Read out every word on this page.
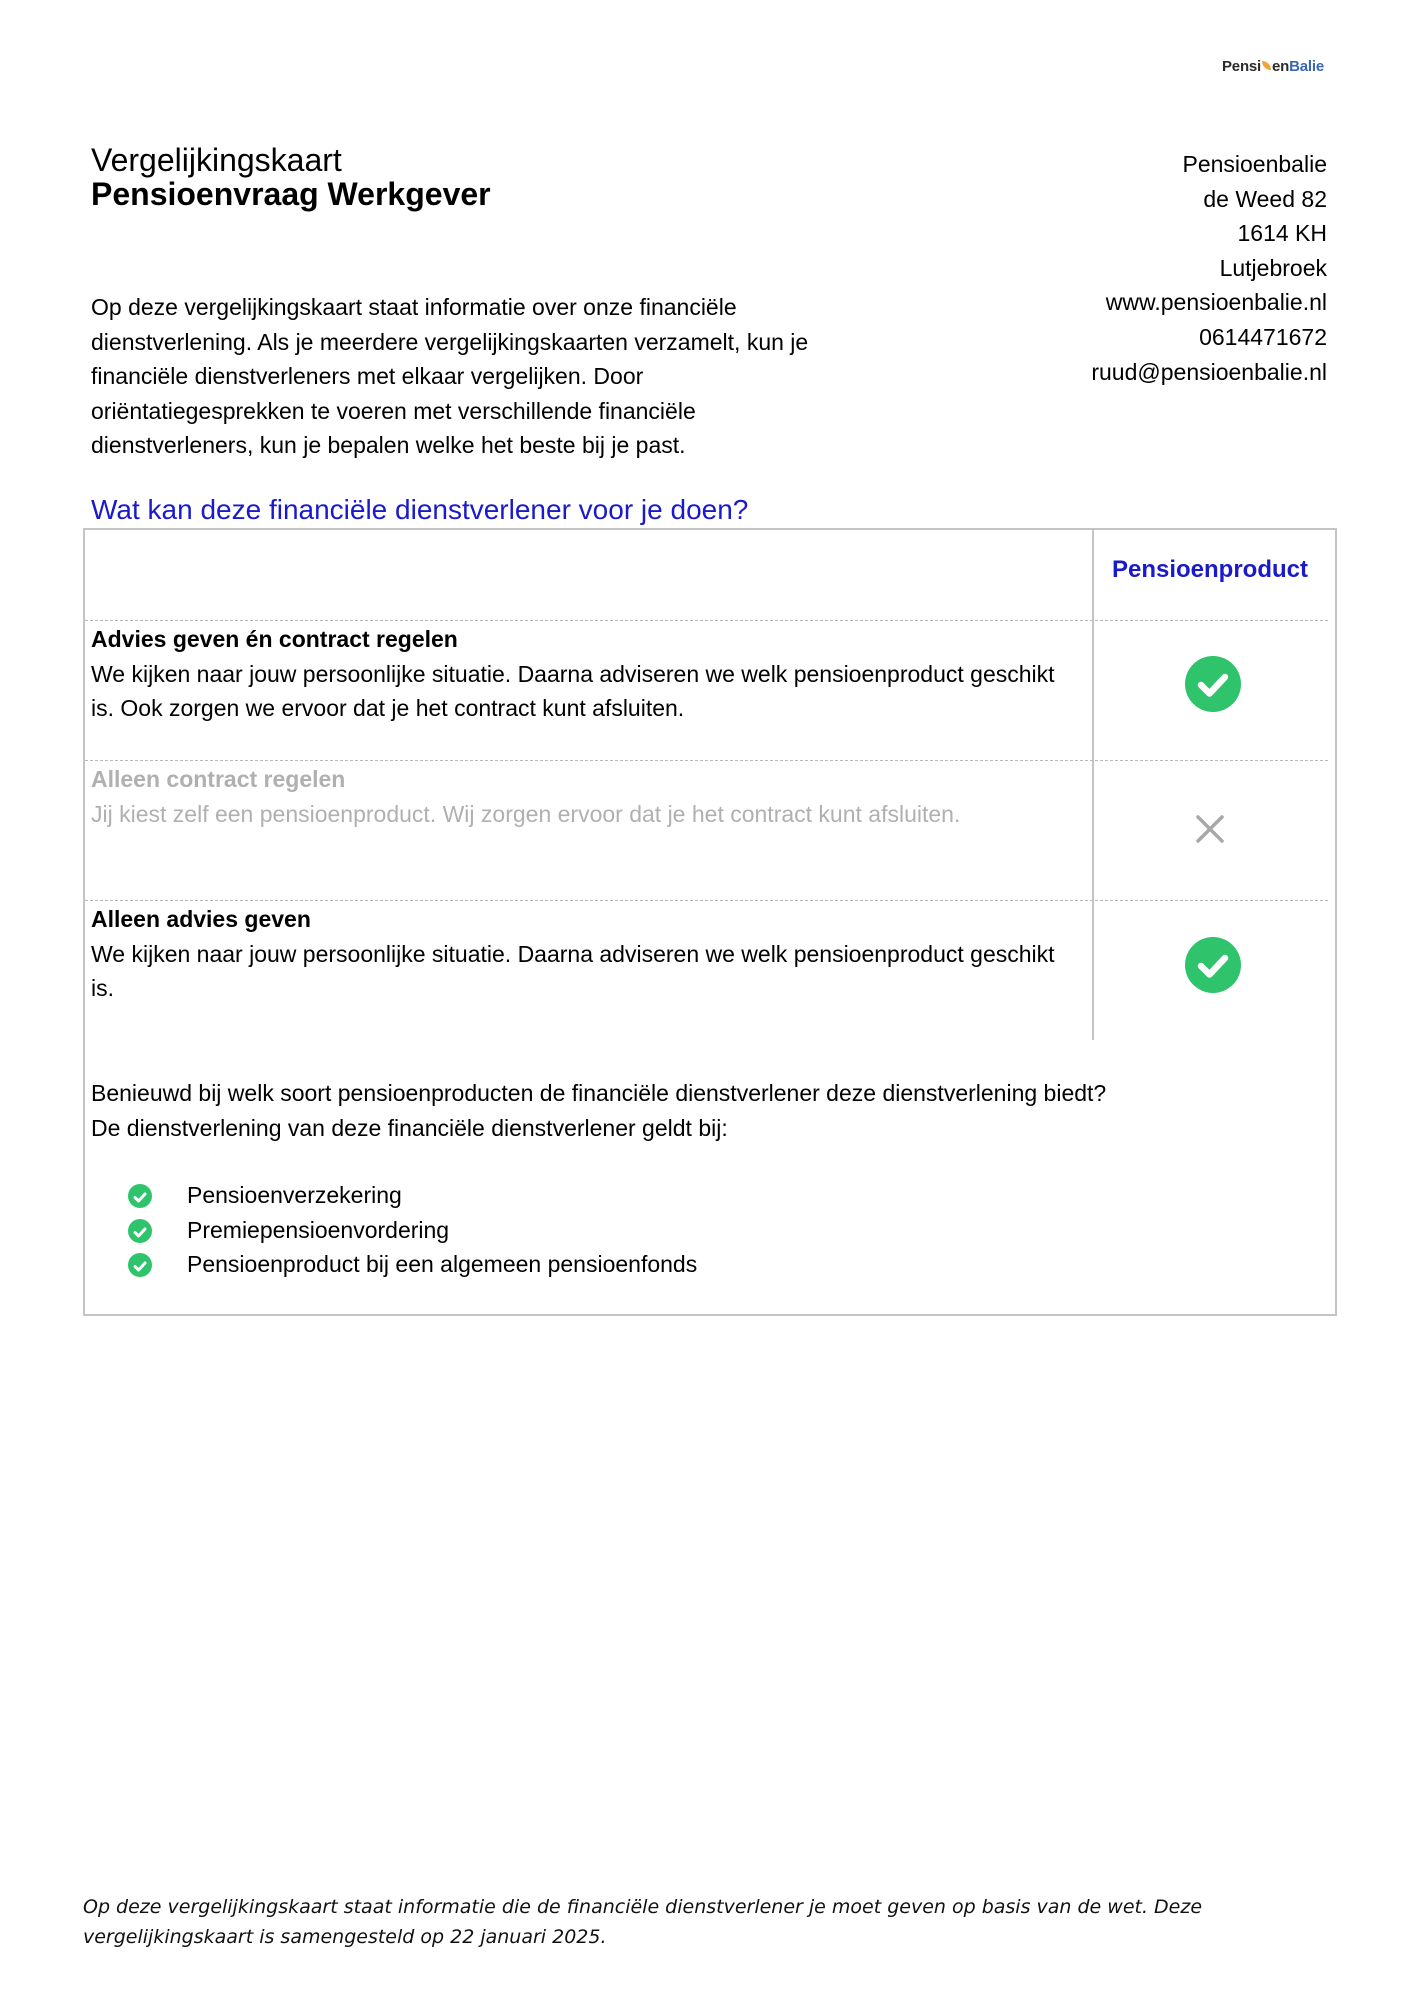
Pensi enBalie
Vergelijkingskaart
Pensioenvraag Werkgever
Pensioenbalie
de Weed 82
1614 KH
Lutjebroek
www.pensioenbalie.nl
0614471672
ruud@pensioenbalie.nl

Op deze vergelijkingskaart staat informatie over onze financiële dienstverlening. Als je meerdere vergelijkingskaarten verzamelt, kun je financiële dienstverleners met elkaar vergelijken. Door oriëntatiegesprekken te voeren met verschillende financiële dienstverleners, kun je bepalen welke het beste bij je past.

Wat kan deze financiële dienstverlener voor je doen?
Pensioenproduct
Advies geven én contract regelen
We kijken naar jouw persoonlijke situatie. Daarna adviseren we welk pensioenproduct geschikt is. Ook zorgen we ervoor dat je het contract kunt afsluiten.
Alleen contract regelen
Jij kiest zelf een pensioenproduct. Wij zorgen ervoor dat je het contract kunt afsluiten.
Alleen advies geven
We kijken naar jouw persoonlijke situatie. Daarna adviseren we welk pensioenproduct geschikt is.
Benieuwd bij welk soort pensioenproducten de financiële dienstverlener deze dienstverlening biedt?
De dienstverlening van deze financiële dienstverlener geldt bij:
Pensioenverzekering
Premiepensioenvordering
Pensioenproduct bij een algemeen pensioenfonds

Op deze vergelijkingskaart staat informatie die de financiële dienstverlener je moet geven op basis van de wet. Deze vergelijkingskaart is samengesteld op 22 januari 2025.
